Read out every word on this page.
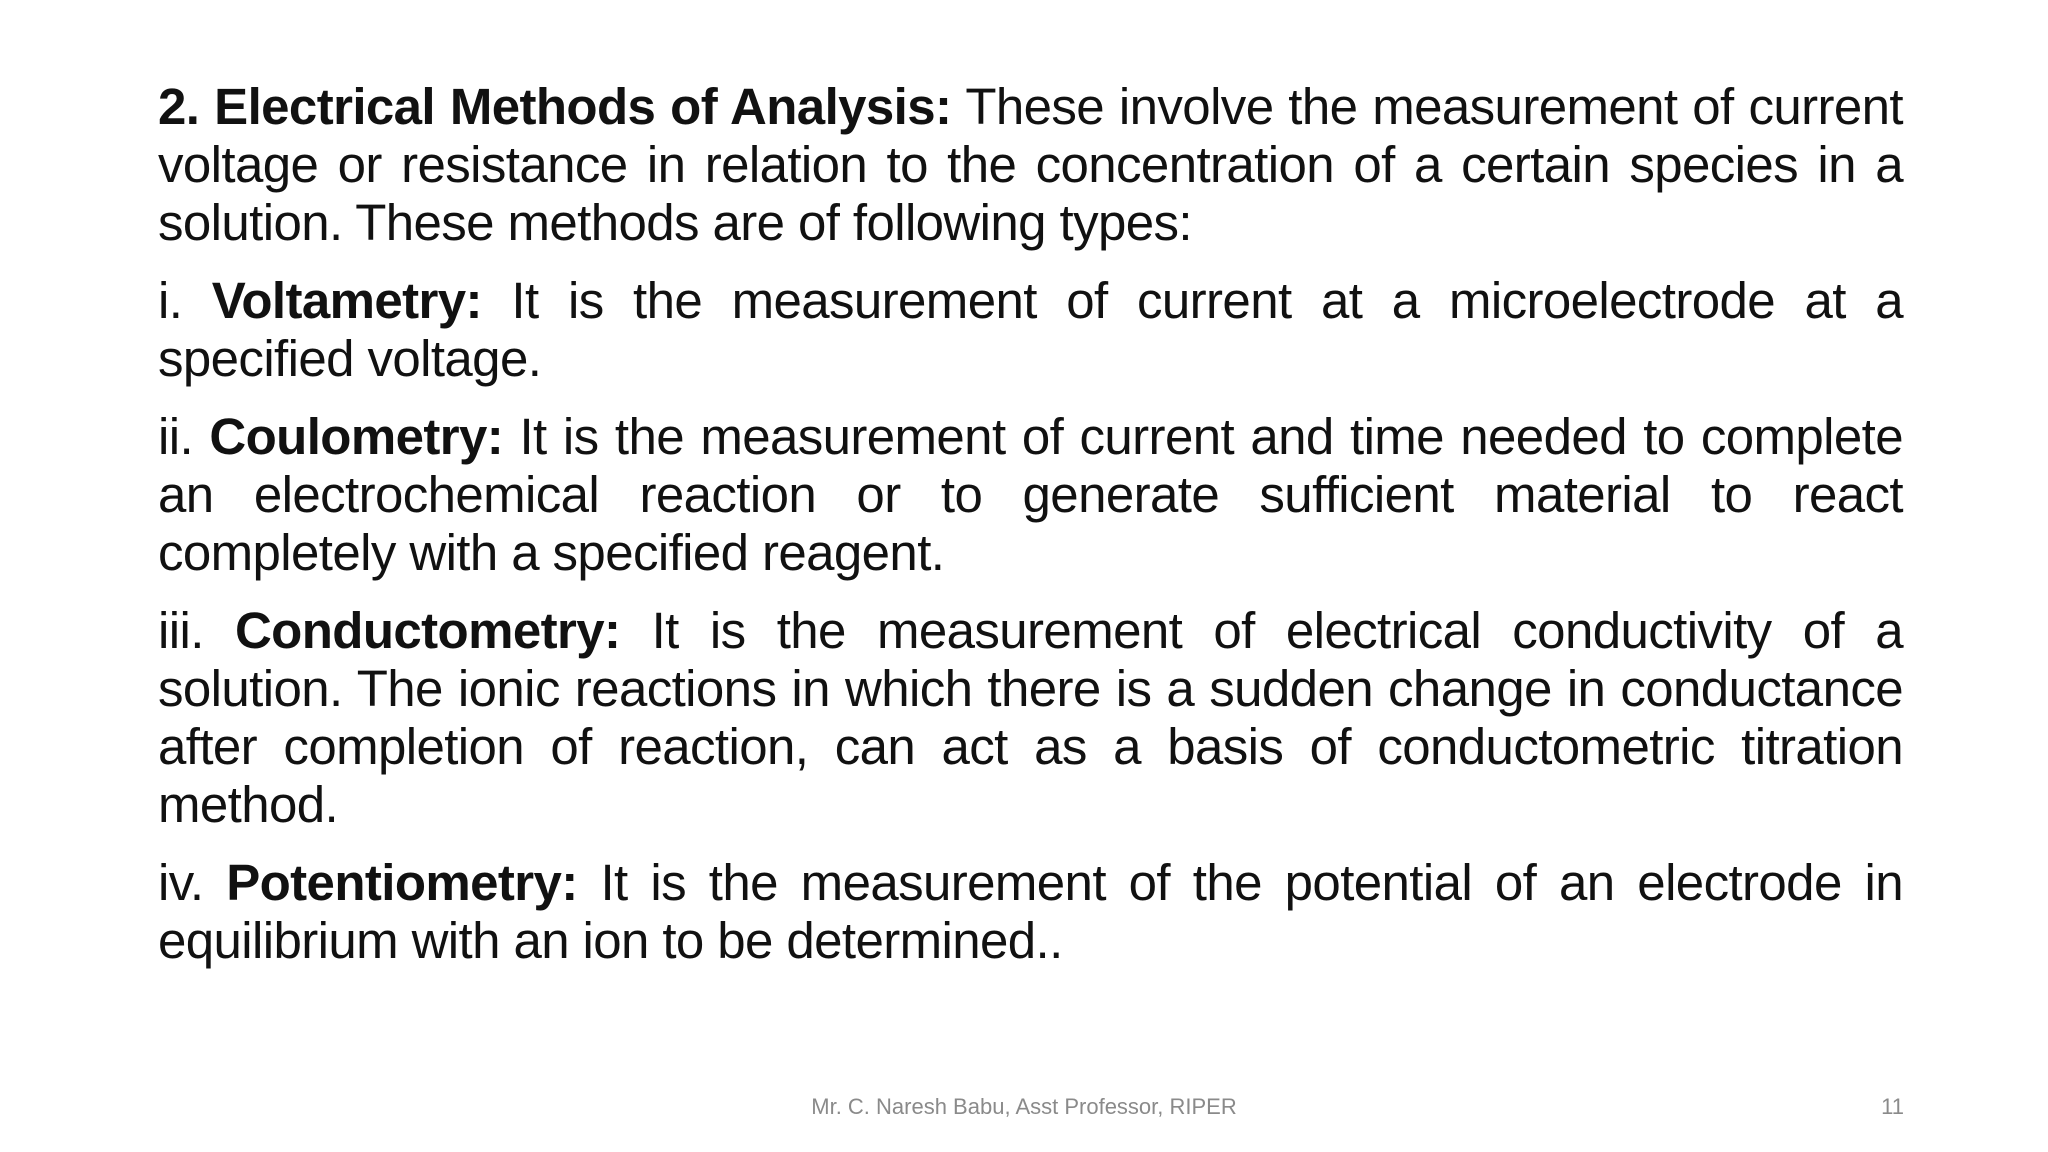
2. Electrical Methods of Analysis: These involve the measurement of current voltage or resistance in relation to the concentration of a certain species in a solution. These methods are of following types:

i. Voltametry: It is the measurement of current at a microelectrode at a specified voltage.

ii. Coulometry: It is the measurement of current and time needed to complete an electrochemical reaction or to generate sufficient material to react completely with a specified reagent.

iii. Conductometry: It is the measurement of electrical conductivity of a solution. The ionic reactions in which there is a sudden change in conductance after completion of reaction, can act as a basis of conductometric titration method.

iv. Potentiometry: It is the measurement of the potential of an electrode in equilibrium with an ion to be determined..

Mr. C. Naresh Babu, Asst Professor, RIPER	11
